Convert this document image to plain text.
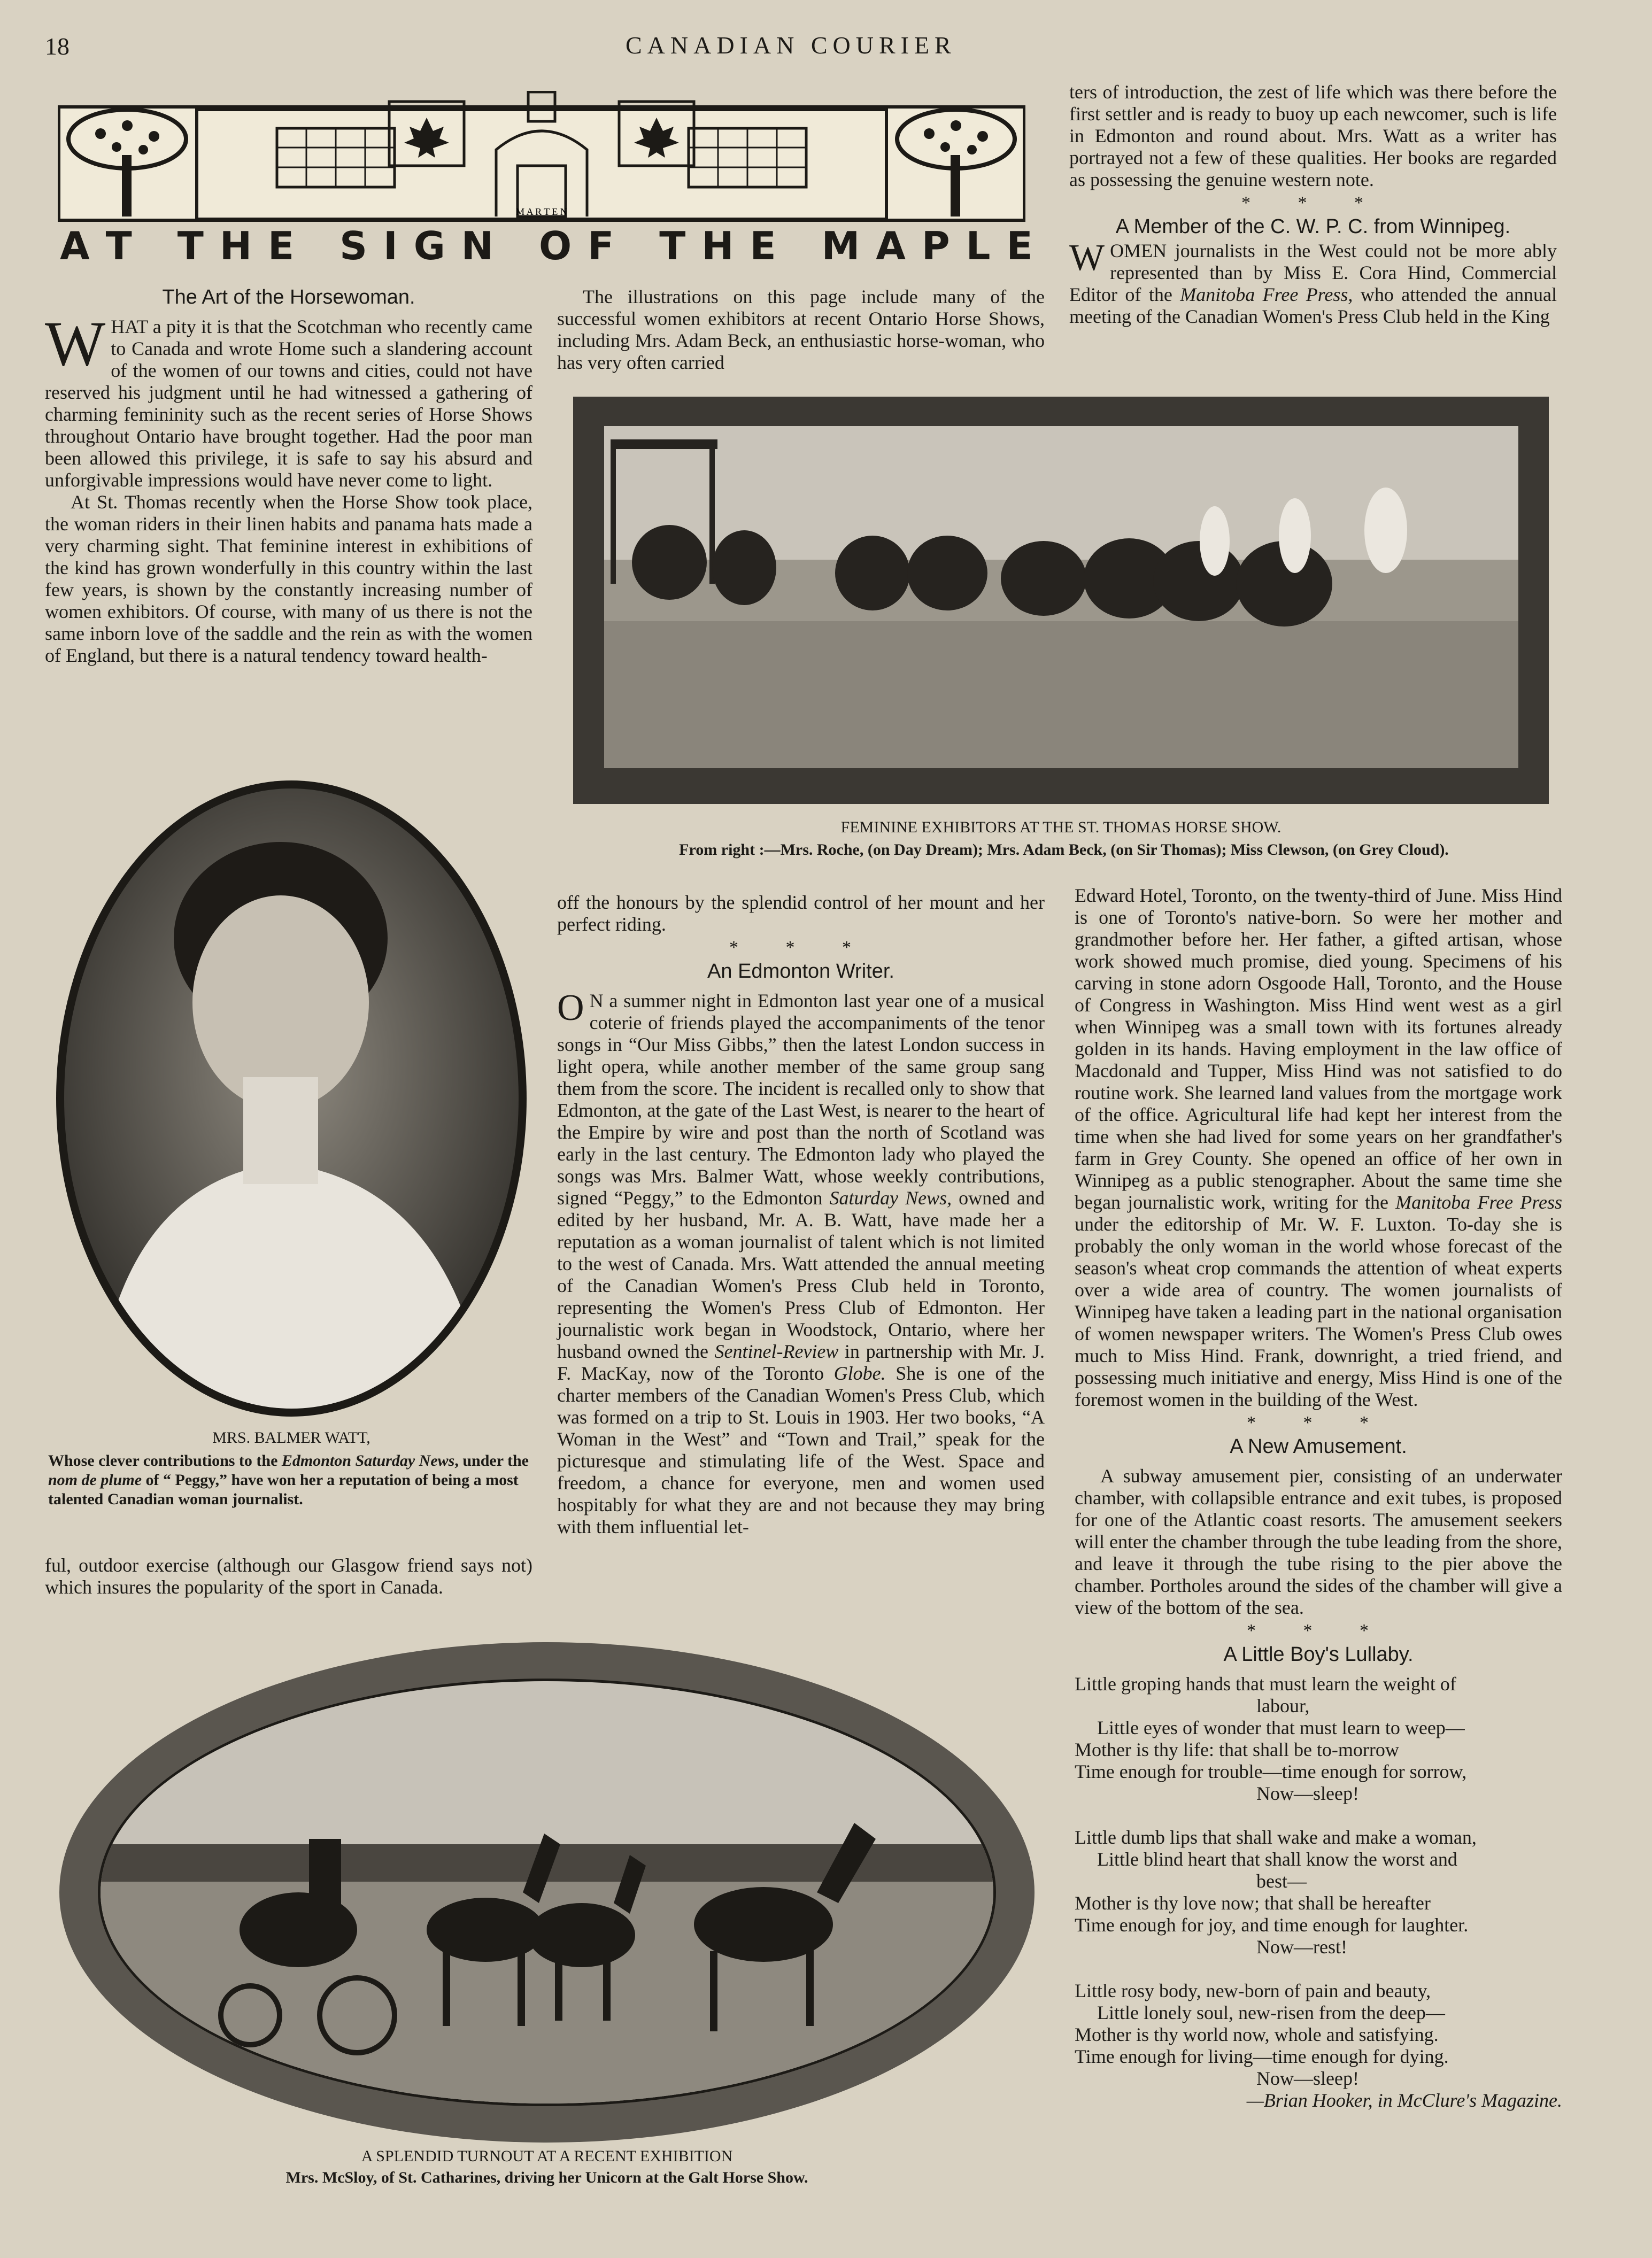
18	CANADIAN COURIER
M A R T E N
A T
T H E
S I G N
O F
T H E
M A P L E
The Art of the Horsewoman.

WHAT a pity it is that the Scotchman who recently came to Canada and wrote Home such a slandering account of the women of our towns and cities, could not have reserved his judgment until he had witnessed a gathering of charming femininity such as the recent series of Horse Shows throughout Ontario have brought together. Had the poor man been allowed this privilege, it is safe to say his absurd and unforgivable impressions would have never come to light.

At St. Thomas recently when the Horse Show took place, the woman riders in their linen habits and panama hats made a very charming sight. That feminine interest in exhibitions of the kind has grown wonderfully in this country within the last few years, is shown by the constantly increasing number of women exhibitors. Of course, with many of us there is not the same inborn love of the saddle and the rein as with the women of England, but there is a natural tendency toward health-

MRS. BALMER WATT,
Whose clever contributions to the Edmonton Saturday News, under the nom de plume of “ Peggy,” have won her a reputation of being a most talented Canadian woman journalist.

ful, outdoor exercise (although our Glasgow friend says not) which insures the popularity of the sport in Canada.

The illustrations on this page include many of the successful women exhibitors at recent Ontario Horse Shows, including Mrs. Adam Beck, an enthusiastic horse-woman, who has very often carried

ters of introduction, the zest of life which was there before the first settler and is ready to buoy up each newcomer, such is life in Edmonton and round about. Mrs. Watt as a writer has portrayed not a few of these qualities. Her books are regarded as possessing the genuine western note.

* * *
A Member of the C. W. P. C. from Winnipeg.

WOMEN journalists in the West could not be more ably represented than by Miss E. Cora Hind, Commercial Editor of the Manitoba Free Press, who attended the annual meeting of the Canadian Women's Press Club held in the King

FEMININE EXHIBITORS AT THE ST. THOMAS HORSE SHOW.
From right :—Mrs. Roche, (on Day Dream); Mrs. Adam Beck, (on Sir Thomas); Miss Clewson, (on Grey Cloud).

off the honours by the splendid control of her mount and her perfect riding.

* * *
An Edmonton Writer.

O N a summer night in Edmonton last year one of a musical coterie of friends played the accompaniments of the tenor songs in “Our Miss Gibbs,” then the latest London success in light opera, while another member of the same group sang them from the score. The incident is recalled only to show that Edmonton, at the gate of the Last West, is nearer to the heart of the Empire by wire and post than the north of Scotland was early in the last century. The Edmonton lady who played the songs was Mrs. Balmer Watt, whose weekly contributions, signed “Peggy,” to the Edmonton Saturday News, owned and edited by her husband, Mr. A. B. Watt, have made her a reputation as a woman journalist of talent which is not limited to the west of Canada. Mrs. Watt attended the annual meeting of the Canadian Women's Press Club held in Toronto, representing the Women's Press Club of Edmonton. Her journalistic work began in Woodstock, Ontario, where her husband owned the Sentinel-Review in partnership with Mr. J. F. MacKay, now of the Toronto Globe. She is one of the charter members of the Canadian Women's Press Club, which was formed on a trip to St. Louis in 1903. Her two books, “A Woman in the West” and “Town and Trail,” speak for the picturesque and stimulating life of the West. Space and freedom, a chance for everyone, men and women used hospitably for what they are and not because they may bring with them influential let-

Edward Hotel, Toronto, on the twenty-third of June. Miss Hind is one of Toronto's native-born. So were her mother and grandmother before her. Her father, a gifted artisan, whose work showed much promise, died young. Specimens of his carving in stone adorn Osgoode Hall, Toronto, and the House of Congress in Washington. Miss Hind went west as a girl when Winnipeg was a small town with its fortunes already golden in its hands. Having employment in the law office of Macdonald and Tupper, Miss Hind was not satisfied to do routine work. She learned land values from the mortgage work of the office. Agricultural life had kept her interest from the time when she had lived for some years on her grandfather's farm in Grey County. She opened an office of her own in Winnipeg as a public stenographer. About the same time she began journalistic work, writing for the Manitoba Free Press under the editorship of Mr. W. F. Luxton. To-day she is probably the only woman in the world whose forecast of the season's wheat crop commands the attention of wheat experts over a wide area of country. The women journalists of Winnipeg have taken a leading part in the national organisation of women newspaper writers. The Women's Press Club owes much to Miss Hind. Frank, downright, a tried friend, and possessing much initiative and energy, Miss Hind is one of the foremost women in the building of the West.

* * *
A New Amusement.

A subway amusement pier, consisting of an underwater chamber, with collapsible entrance and exit tubes, is proposed for one of the Atlantic coast resorts. The amusement seekers will enter the chamber through the tube leading from the shore, and leave it through the tube rising to the pier above the chamber. Portholes around the sides of the chamber will give a view of the bottom of the sea.

* * *
A Little Boy's Lullaby.
Little groping hands that must learn the weight of
labour,
Little eyes of wonder that must learn to weep—
Mother is thy life: that shall be to-morrow
Time enough for trouble—time enough for sorrow,
Now—sleep!

Little dumb lips that shall wake and make a woman,
Little blind heart that shall know the worst and
best—
Mother is thy love now; that shall be hereafter
Time enough for joy, and time enough for laughter.
Now—rest!

Little rosy body, new-born of pain and beauty,
Little lonely soul, new-risen from the deep—
Mother is thy world now, whole and satisfying.
Time enough for living—time enough for dying.
Now—sleep!
—Brian Hooker, in McClure's Magazine.
A SPLENDID TURNOUT AT A RECENT EXHIBITION
Mrs. McSloy, of St. Catharines, driving her Unicorn at the Galt Horse Show.
